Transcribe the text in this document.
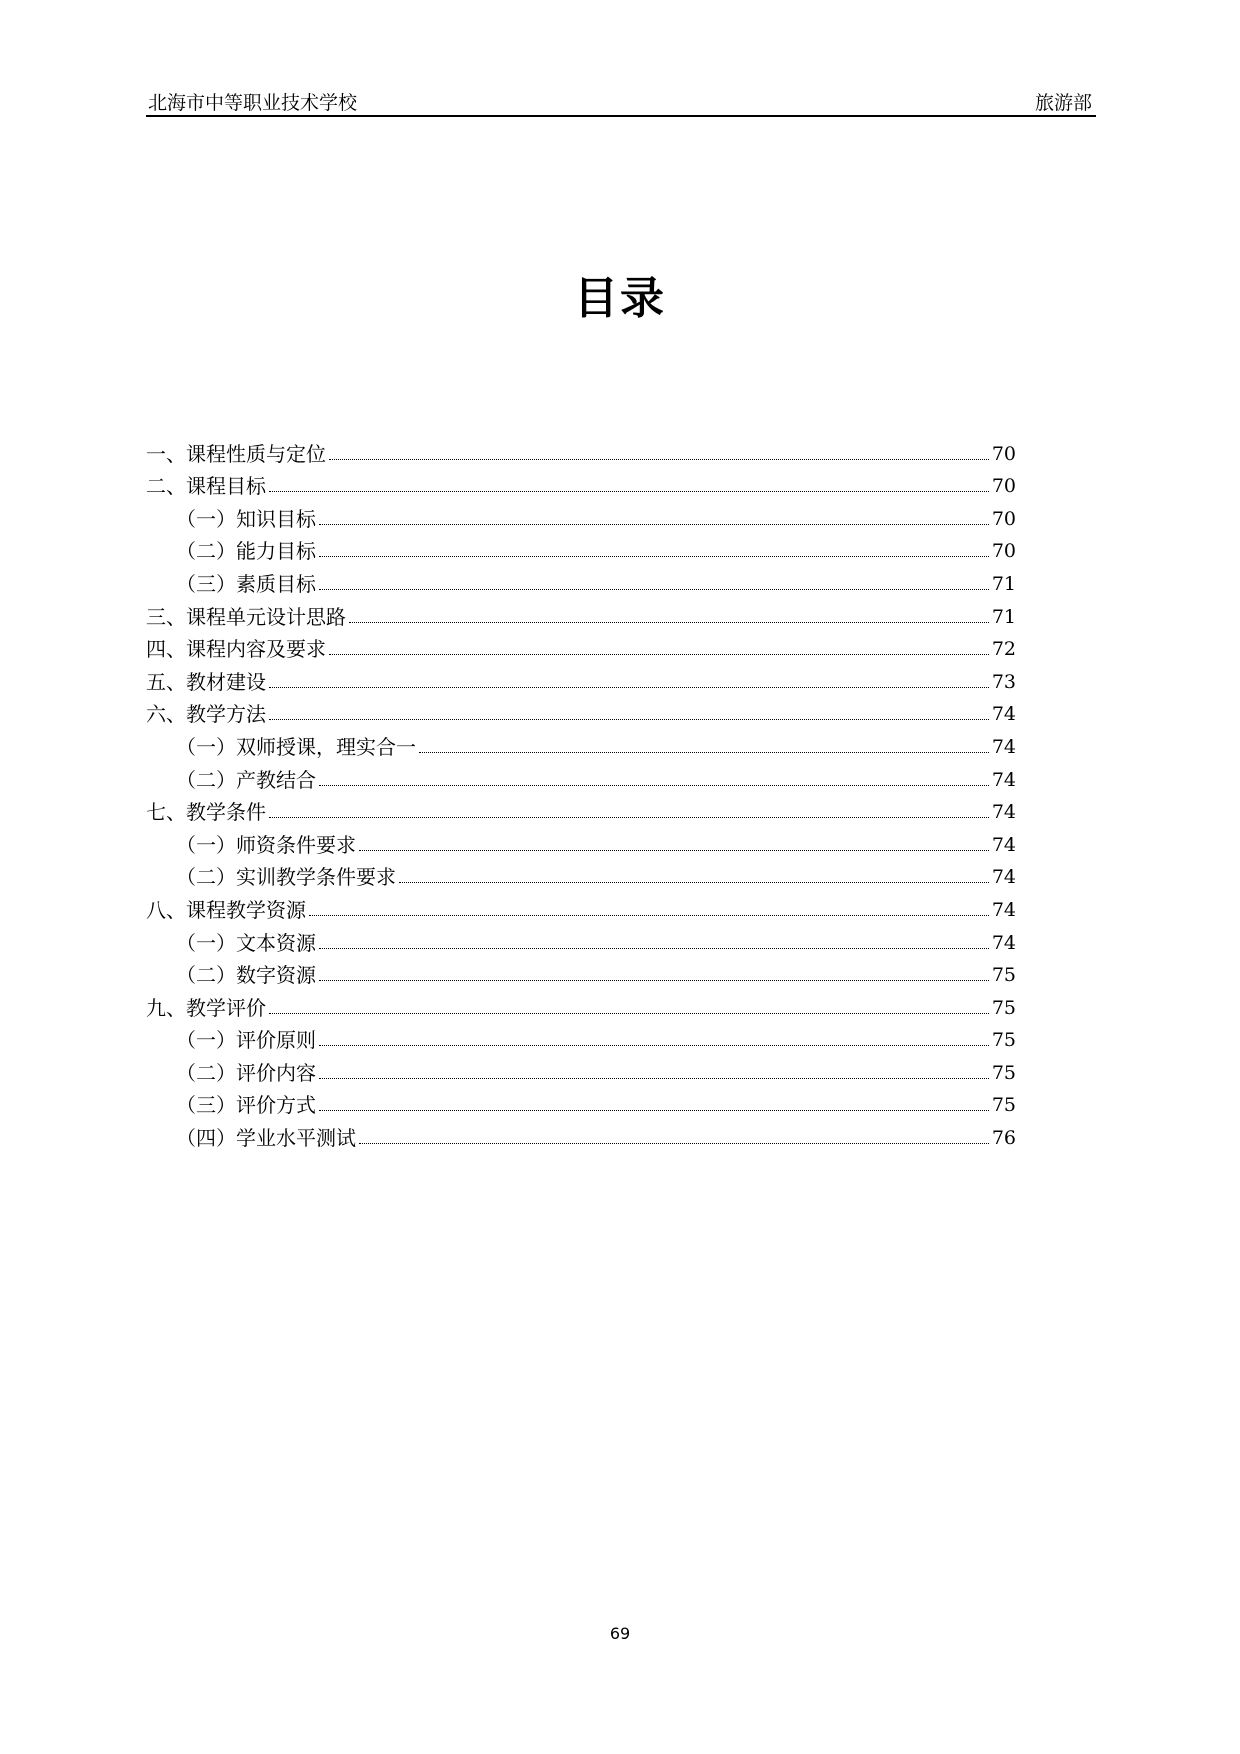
北海市中等职业技术学校	旅游部
目录
一、课程性质与定位	70
二、课程目标	70
（一）知识目标	70
（二）能力目标	70
（三）素质目标	71
三、课程单元设计思路	71
四、课程内容及要求	72
五、教材建设	73
六、教学方法	74
（一）双师授课，理实合一	74
（二）产教结合	74
七、教学条件	74
（一）师资条件要求	74
（二）实训教学条件要求	74
八、课程教学资源	74
（一）文本资源	74
（二）数字资源	75
九、教学评价	75
（一）评价原则	75
（二）评价内容	75
（三）评价方式	75
（四）学业水平测试	76
69
